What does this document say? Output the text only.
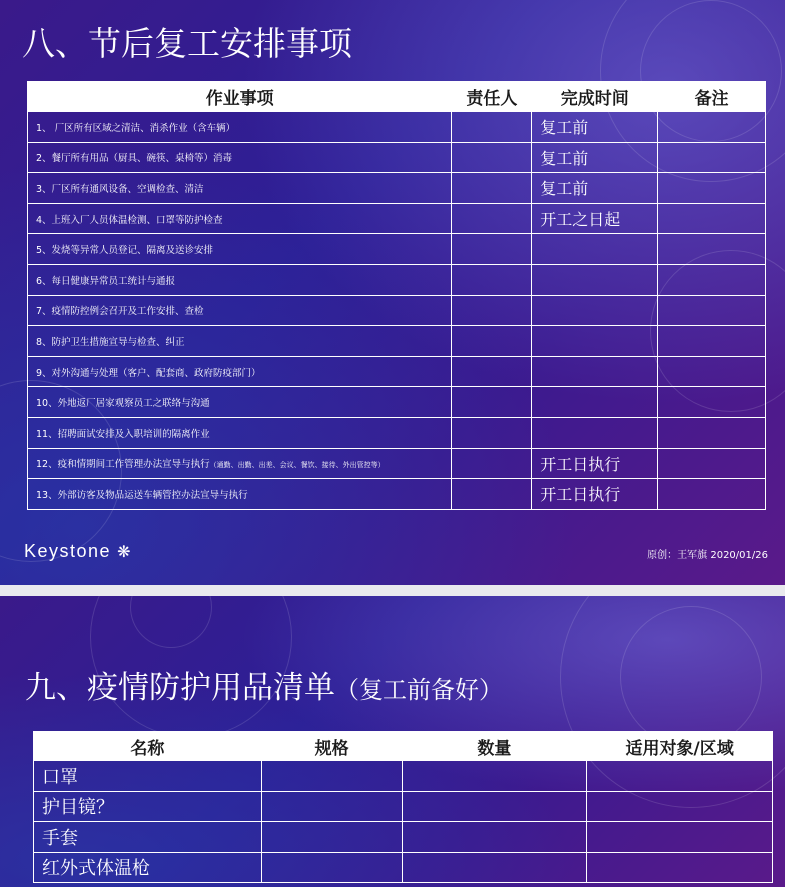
八、节后复工安排事项
作业事项	责任人	完成时间	备注
1、 厂区所有区域之清洁、消杀作业（含车辆）		复工前	
2、餐厅所有用品（厨具、碗筷、桌椅等）消毒		复工前	
3、厂区所有通风设备、空调检查、清洁		复工前	
4、上班入厂人员体温检测、口罩等防护检查		开工之日起	
5、发烧等异常人员登记、隔离及送诊安排			
6、每日健康异常员工统计与通报			
7、疫情防控例会召开及工作安排、查检			
8、防护卫生措施宣导与检查、纠正			
9、对外沟通与处理（客户、配套商、政府防疫部门）			
10、外地返厂居家观察员工之联络与沟通			
11、招聘面试安排及入职培训的隔离作业			
12、疫和情期间工作管理办法宣导与执行（通勤、出勤、出差、会议、餐饮、接待、外出管控等）		开工日执行	
13、外部访客及物品运送车辆管控办法宣导与执行		开工日执行	
Keystone ❋	原创：王军旗 2020/01/26
九、疫情防护用品清单（复工前备好）
名称	规格	数量	适用对象/区域
口罩			
护目镜？			
手套			
红外式体温枪			
